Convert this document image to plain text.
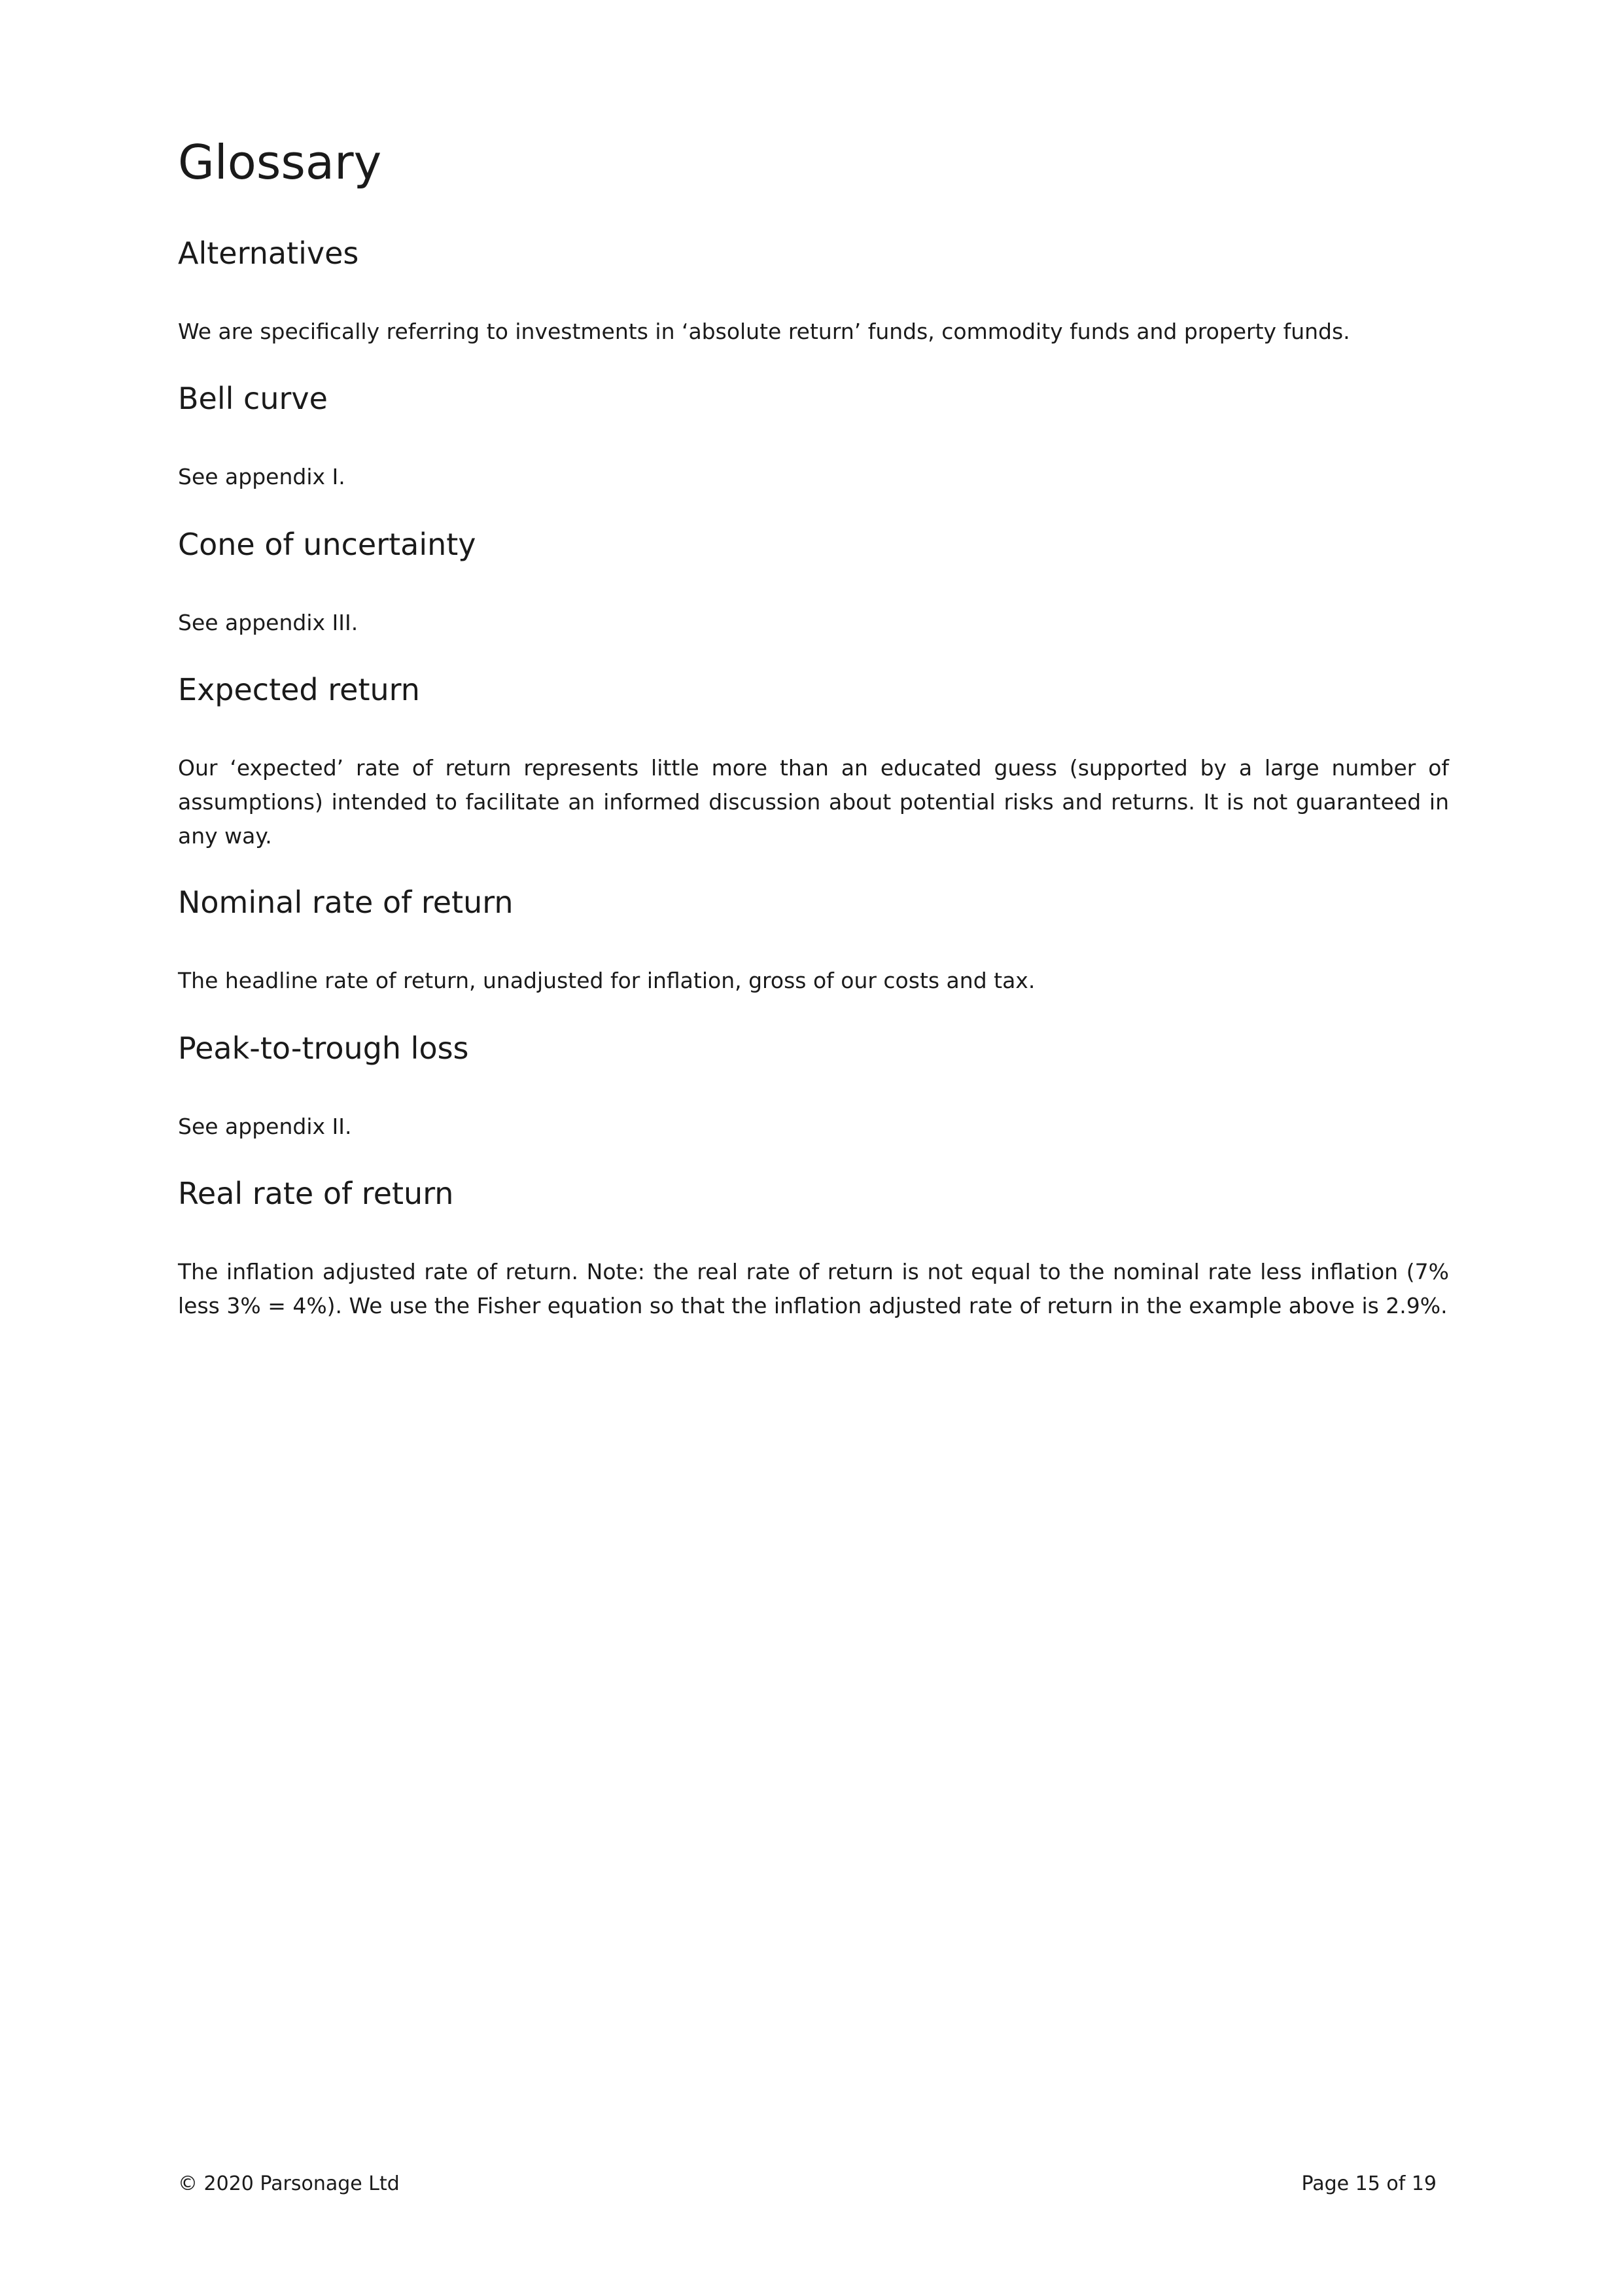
Glossary
Alternatives

We are specifically referring to investments in ‘absolute return’ funds, commodity funds and property funds.

Bell curve

See appendix I.

Cone of uncertainty

See appendix III.

Expected return

Our ‘expected’ rate of return represents little more than an educated guess (supported by a large number of assumptions) intended to facilitate an informed discussion about potential risks and returns. It is not guaranteed in any way.

Nominal rate of return

The headline rate of return, unadjusted for inflation, gross of our costs and tax.

Peak-to-trough loss

See appendix II.

Real rate of return

The inflation adjusted rate of return. Note: the real rate of return is not equal to the nominal rate less inflation (7% less 3% = 4%). We use the Fisher equation so that the inflation adjusted rate of return in the example above is 2.9%.

© 2020 Parsonage Ltd	Page 15 of 19
